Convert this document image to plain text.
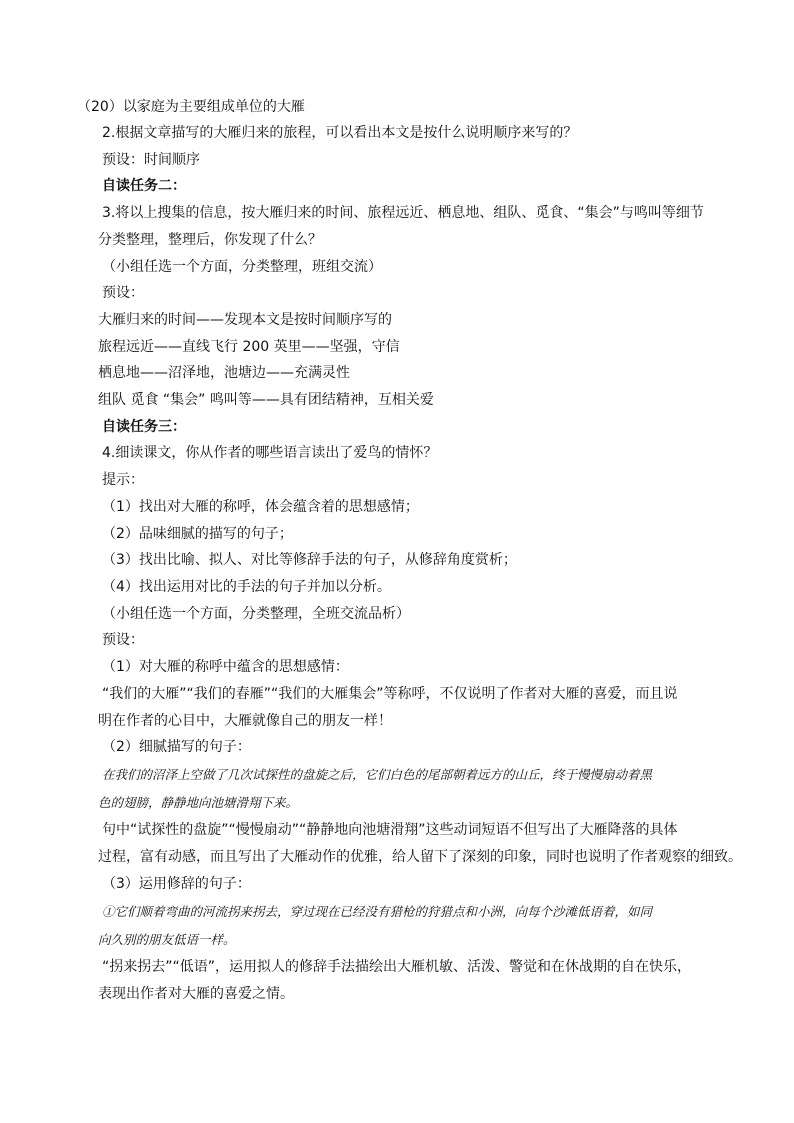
（20）以家庭为主要组成单位的大雁
2.根据文章描写的大雁归来的旅程，可以看出本文是按什么说明顺序来写的？
预设：时间顺序
自读任务二：
3.将以上搜集的信息，按大雁归来的时间、旅程远近、栖息地、组队、觅食、“集会”与鸣叫等细节
分类整理，整理后，你发现了什么？
（小组任选一个方面，分类整理，班组交流）
预设：
大雁归来的时间——发现本文是按时间顺序写的
旅程远近——直线飞行 200 英里——坚强，守信
栖息地——沼泽地，池塘边——充满灵性
组队 觅食 “集会” 鸣叫等——具有团结精神，互相关爱
自读任务三：
4.细读课文，你从作者的哪些语言读出了爱鸟的情怀？
提示：
（1）找出对大雁的称呼，体会蕴含着的思想感情；
（2）品味细腻的描写的句子；
（3）找出比喻、拟人、对比等修辞手法的句子，从修辞角度赏析；
（4）找出运用对比的手法的句子并加以分析。
（小组任选一个方面，分类整理，全班交流品析）
预设：
（1）对大雁的称呼中蕴含的思想感情：
“我们的大雁”“我们的春雁”“我们的大雁集会”等称呼，不仅说明了作者对大雁的喜爱，而且说
明在作者的心目中，大雁就像自己的朋友一样！
（2）细腻描写的句子：
在我们的沼泽上空做了几次试探性的盘旋之后，它们白色的尾部朝着远方的山丘，终于慢慢扇动着黑
色的翅膀，静静地向池塘滑翔下来。
句中“试探性的盘旋”“慢慢扇动”“静静地向池塘滑翔”这些动词短语不但写出了大雁降落的具体
过程，富有动感，而且写出了大雁动作的优雅，给人留下了深刻的印象，同时也说明了作者观察的细致。
（3）运用修辞的句子：
①它们顺着弯曲的河流拐来拐去，穿过现在已经没有猎枪的狩猎点和小洲，向每个沙滩低语着，如同
向久别的朋友低语一样。
“拐来拐去”“低语”，运用拟人的修辞手法描绘出大雁机敏、活泼、警觉和在休战期的自在快乐，
表现出作者对大雁的喜爱之情。
